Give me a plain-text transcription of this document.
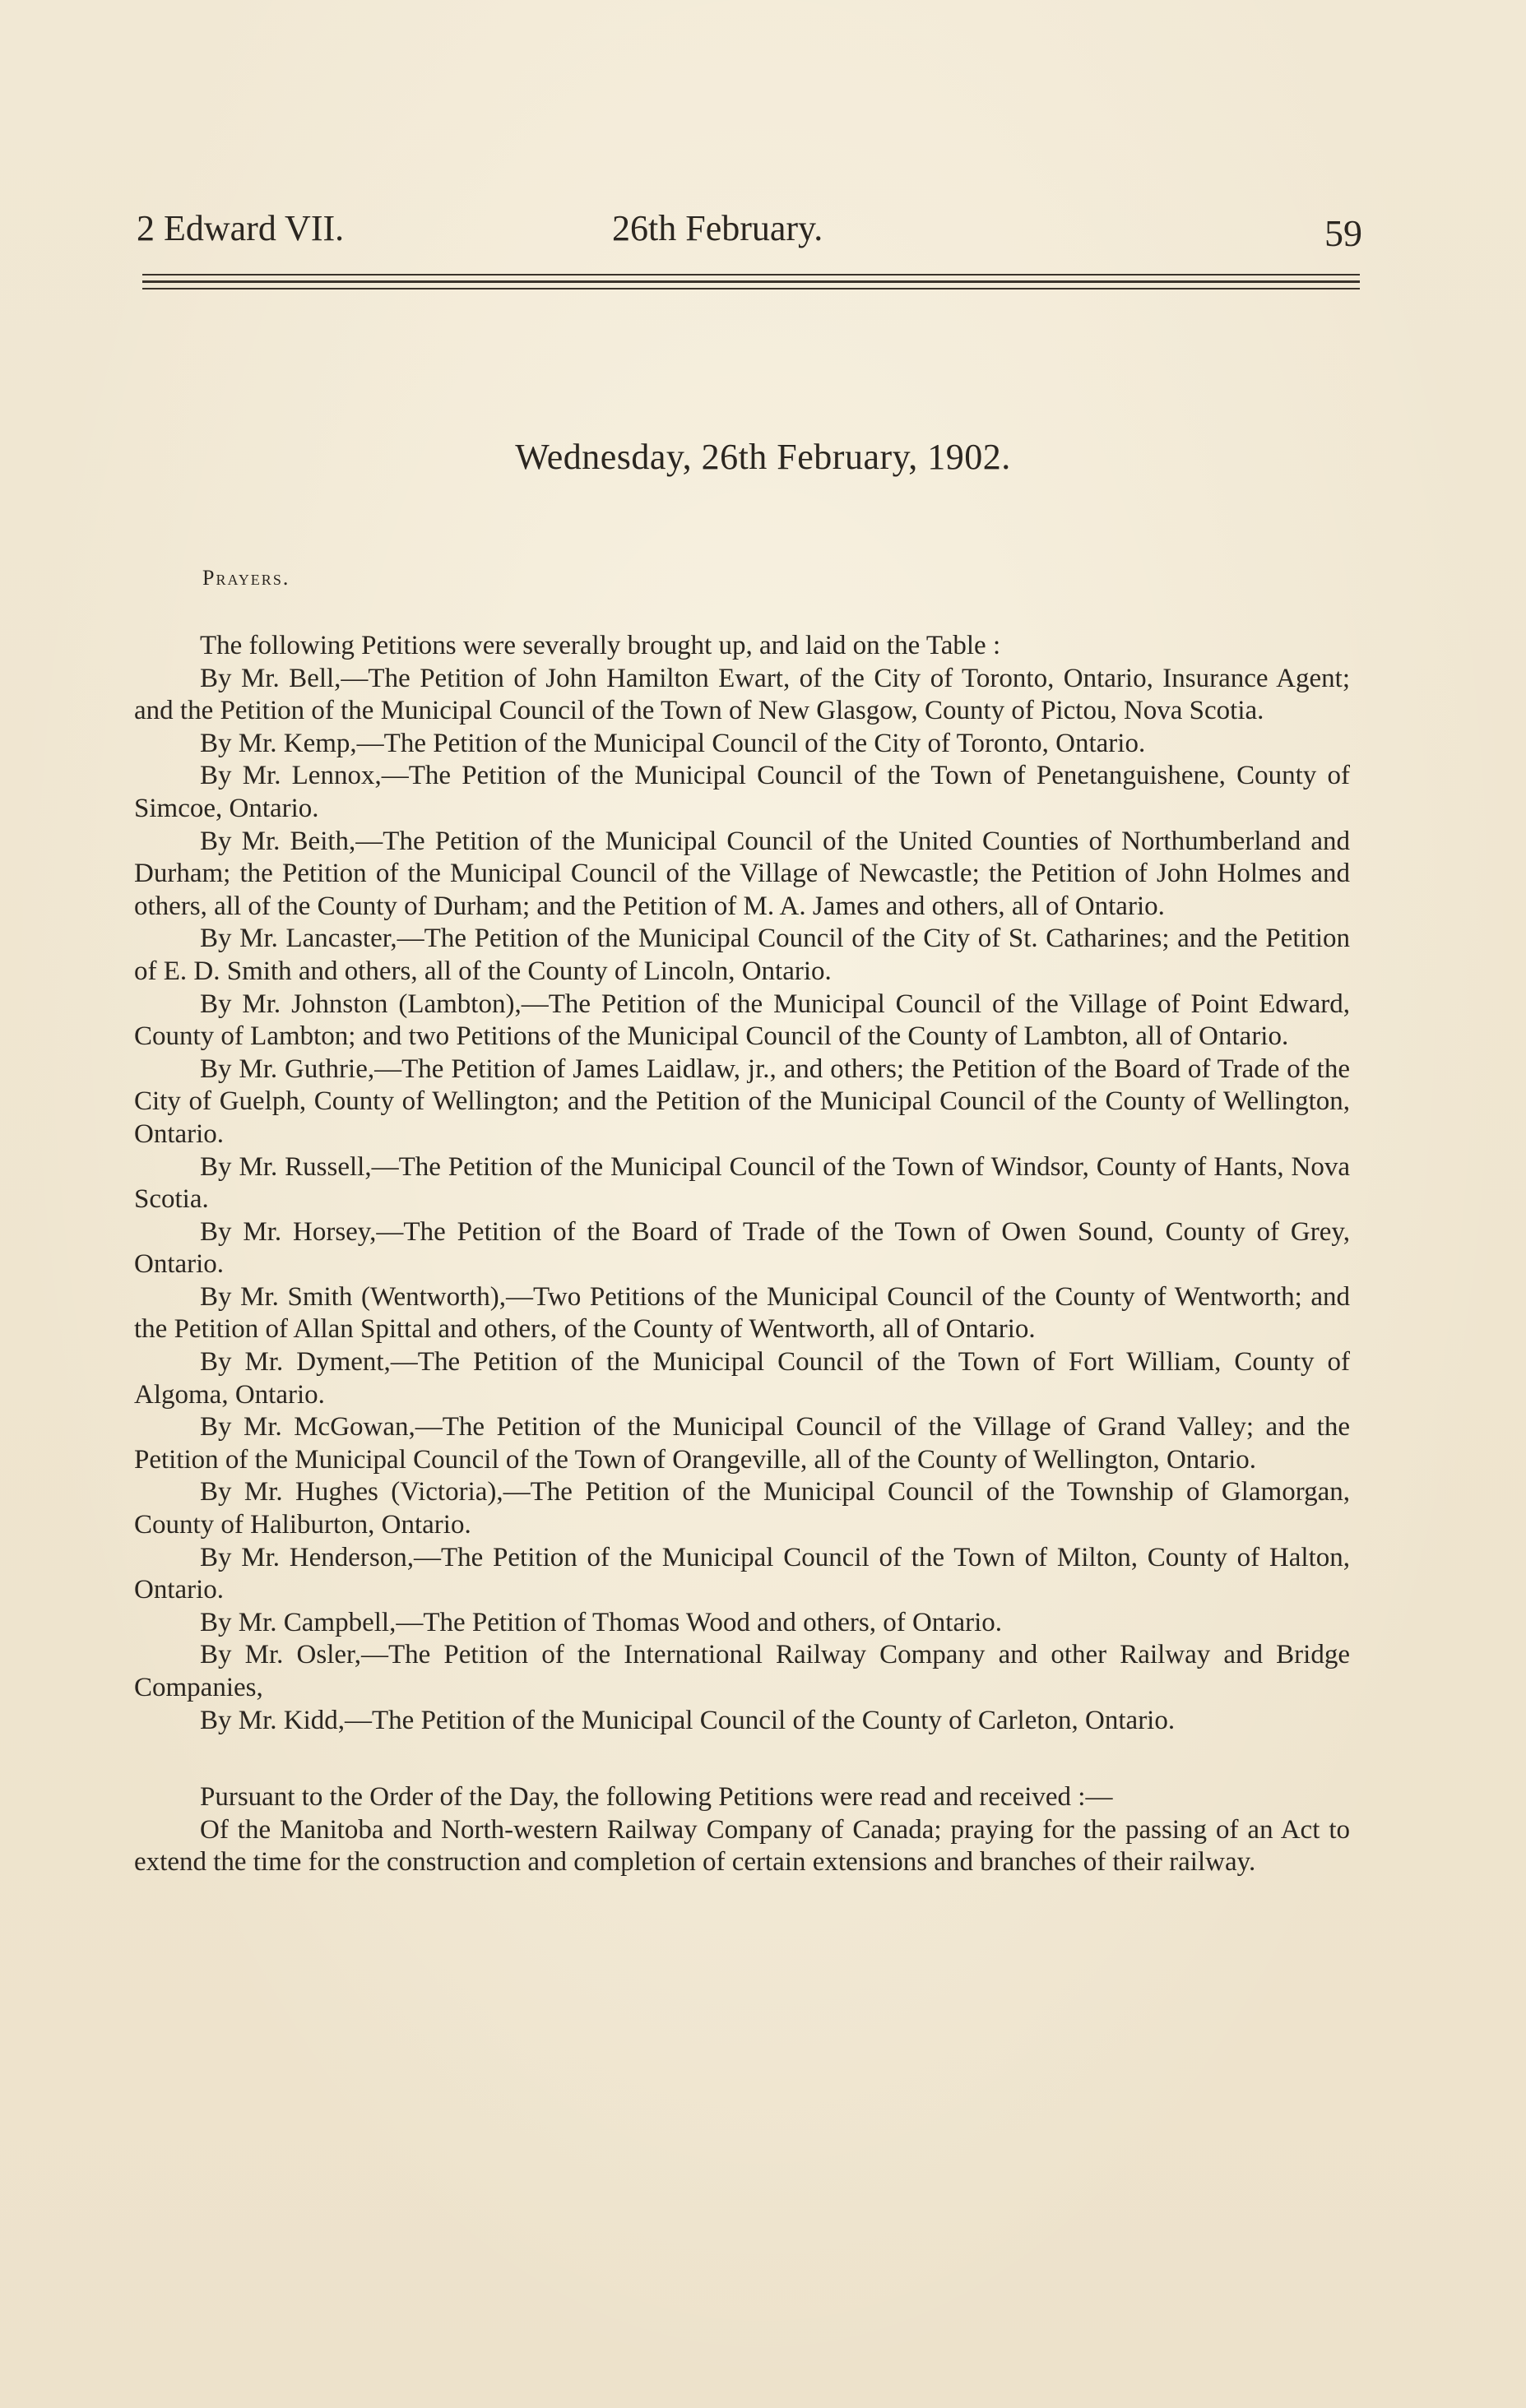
2 Edward VII.	26th February.	59
Wednesday, 26th February, 1902.
Prayers.

The following Petitions were severally brought up, and laid on the Table :

By Mr. Bell,—The Petition of John Hamilton Ewart, of the City of Toronto, Ontario, Insurance Agent; and the Petition of the Municipal Council of the Town of New Glasgow, County of Pictou, Nova Scotia.

By Mr. Kemp,—The Petition of the Municipal Council of the City of Toronto, Ontario.

By Mr. Lennox,—The Petition of the Municipal Council of the Town of Penetanguishene, County of Simcoe, Ontario.

By Mr. Beith,—The Petition of the Municipal Council of the United Counties of Northumberland and Durham; the Petition of the Municipal Council of the Village of Newcastle; the Petition of John Holmes and others, all of the County of Durham; and the Petition of M. A. James and others, all of Ontario.

By Mr. Lancaster,—The Petition of the Municipal Council of the City of St. Catharines; and the Petition of E. D. Smith and others, all of the County of Lincoln, Ontario.

By Mr. Johnston (Lambton),—The Petition of the Municipal Council of the Village of Point Edward, County of Lambton; and two Petitions of the Municipal Council of the County of Lambton, all of Ontario.

By Mr. Guthrie,—The Petition of James Laidlaw, jr., and others; the Petition of the Board of Trade of the City of Guelph, County of Wellington; and the Petition of the Municipal Council of the County of Wellington, Ontario.

By Mr. Russell,—The Petition of the Municipal Council of the Town of Windsor, County of Hants, Nova Scotia.

By Mr. Horsey,—The Petition of the Board of Trade of the Town of Owen Sound, County of Grey, Ontario.

By Mr. Smith (Wentworth),—Two Petitions of the Municipal Council of the County of Wentworth; and the Petition of Allan Spittal and others, of the County of Wentworth, all of Ontario.

By Mr. Dyment,—The Petition of the Municipal Council of the Town of Fort William, County of Algoma, Ontario.

By Mr. McGowan,—The Petition of the Municipal Council of the Village of Grand Valley; and the Petition of the Municipal Council of the Town of Orangeville, all of the County of Wellington, Ontario.

By Mr. Hughes (Victoria),—The Petition of the Municipal Council of the Township of Glamorgan, County of Haliburton, Ontario.

By Mr. Henderson,—The Petition of the Municipal Council of the Town of Milton, County of Halton, Ontario.

By Mr. Campbell,—The Petition of Thomas Wood and others, of Ontario.

By Mr. Osler,—The Petition of the International Railway Company and other Railway and Bridge Companies,

By Mr. Kidd,—The Petition of the Municipal Council of the County of Carleton, Ontario.

Pursuant to the Order of the Day, the following Petitions were read and received :—

Of the Manitoba and North-western Railway Company of Canada; praying for the passing of an Act to extend the time for the construction and completion of certain extensions and branches of their railway.
